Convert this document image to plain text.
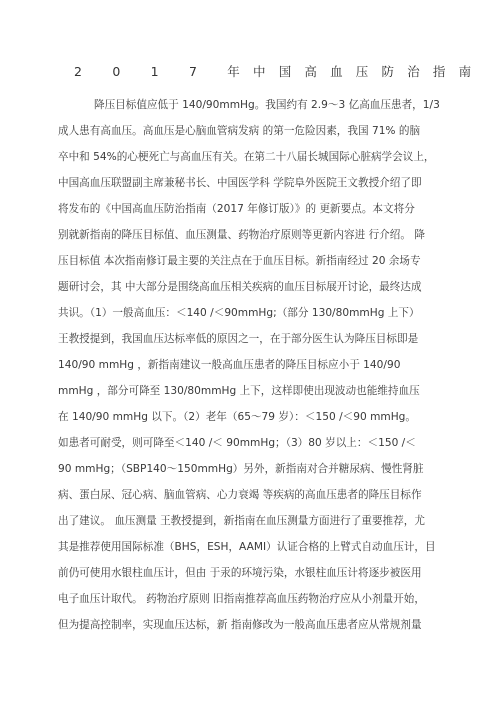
2 0 1 7 年中国高血压防治指南
降压目标值应低于 140/90mmHg。我国约有 2.9～3 亿高血压患者，1/3
成人患有高血压。高血压是心脑血管病发病 的第一危险因素，我国 71% 的脑
卒中和 54%的心梗死亡与高血压有关。在第二十八届长城国际心脏病学会议上，
中国高血压联盟副主席兼秘书长、中国医学科 学院阜外医院王文教授介绍了即
将发布的《中国高血压防治指南（2017 年修订版）》的 更新要点。本文将分
别就新指南的降压目标值、血压测量、药物治疗原则等更新内容进 行介绍。 降
压目标值 本次指南修订最主要的关注点在于血压目标。新指南经过 20 余场专
题研讨会，其 中大部分是围绕高血压相关疾病的血压目标展开讨论，最终达成
共识。（1）一般高血压：＜140 /＜90mmHg;（部分 130/80mmHg 上下）
王教授提到，我国血压达标率低的原因之一，在于部分医生认为降压目标即是
140/90 mmHg ，新指南建议一般高血压患者的降压目标应小于 140/90
mmHg ，部分可降至 130/80mmHg 上下，这样即使出现波动也能维持血压
在 140/90 mmHg 以下。（2）老年（65～79 岁）：＜150 /＜90 mmHg。
如患者可耐受，则可降至＜140 /＜ 90mmHg；（3）80 岁以上：＜150 /＜
90 mmHg；（SBP140～150mmHg）另外，新指南对合并糖尿病、慢性肾脏
病、蛋白尿、冠心病、脑血管病、心力衰竭 等疾病的高血压患者的降压目标作
出了建议。 血压测量 王教授提到，新指南在血压测量方面进行了重要推荐，尤
其是推荐使用国际标准（BHS，ESH，AAMI）认证合格的上臂式自动血压计，目
前仍可使用水银柱血压计，但由 于汞的环境污染，水银柱血压计将逐步被医用
电子血压计取代。 药物治疗原则 旧指南推荐高血压药物治疗应从小剂量开始，
但为提高控制率，实现血压达标，新 指南修改为一般高血压患者应从常规剂量
